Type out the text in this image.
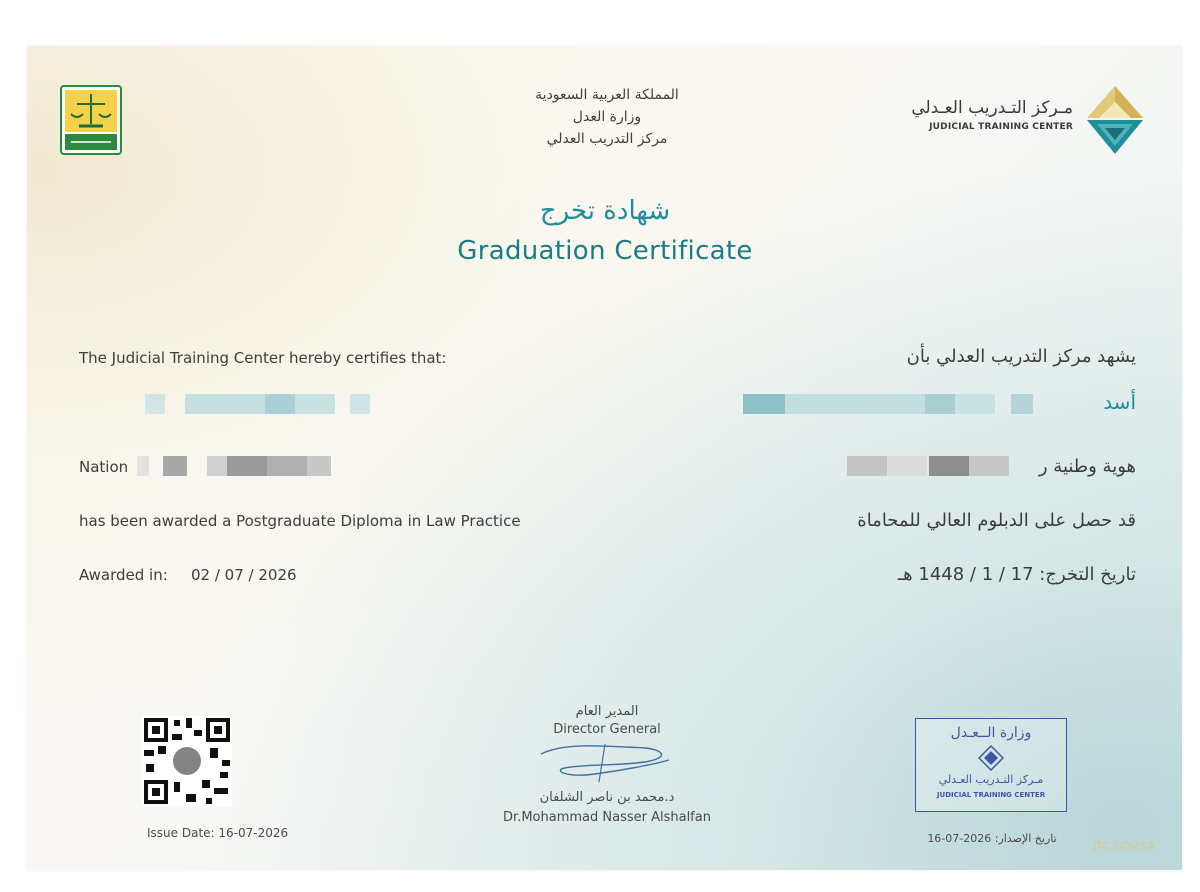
المملكة العربية السعودية
وزارة العدل
مركز التدريب العدلي
مـركز التـدريب العـدلي
JUDICIAL TRAINING CENTER
شهادة تخرج
Graduation Certificate
The Judicial Training Center hereby certifies that:	يشهد مركز التدريب العدلي بأن
أسد
Nation	هوية وطنية ر
has been awarded a Postgraduate Diploma in Law Practice	قد حصل على الدبلوم العالي للمحاماة
Awarded in: 02 / 07 / 2026	تاريخ التخرج: 17 / 1 / 1448 هـ
Issue Date: 16-07-2026
المدير العام
Director General
د.محمد بن ناصر الشلفان
Dr.Mohammad Nasser Alshalfan
وزارة الــعـدل
مـركز التـدريب العـدلي
JUDICIAL TRAINING CENTER
تاريخ الإصدار: 2026-07-16
JTC.GOV.SA
